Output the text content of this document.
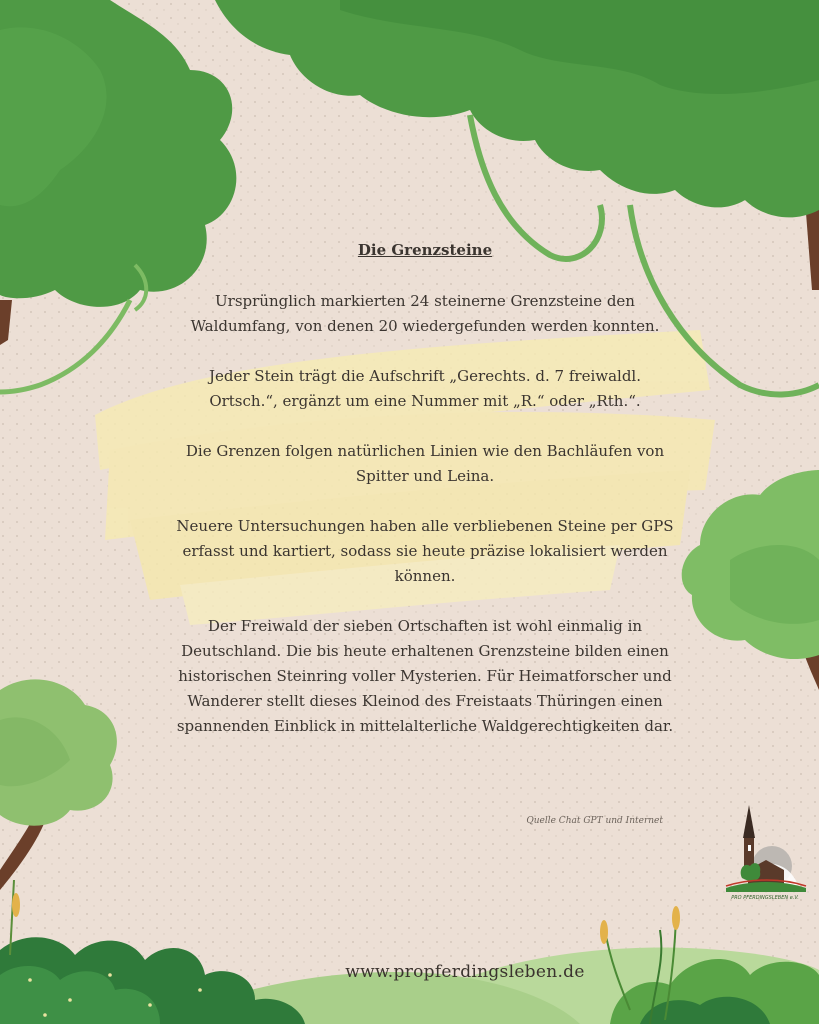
Die Grenzsteine

Ursprünglich markierten 24 steinerne Grenzsteine den Waldumfang, von denen 20 wiedergefunden werden konnten.

Jeder Stein trägt die Aufschrift „Gerechts. d. 7 freiwaldl. Ortsch.“, ergänzt um eine Nummer mit „R.“ oder „Rth.“.

Die Grenzen folgen natürlichen Linien wie den Bachläufen von Spitter und Leina.

Neuere Untersuchungen haben alle verbliebenen Steine per GPS erfasst und kartiert, sodass sie heute präzise lokalisiert werden können.

Der Freiwald der sieben Ortschaften ist wohl einmalig in Deutschland. Die bis heute erhaltenen Grenzsteine bilden einen historischen Steinring voller Mysterien. Für Heimatforscher und Wanderer stellt dieses Kleinod des Freistaats Thüringen einen spannenden Einblick in mittelalterliche Waldgerechtigkeiten dar.

Quelle Chat GPT und Internet
PRO PFERDINGSLEBEN e.V.
www.propferdingsleben.de
